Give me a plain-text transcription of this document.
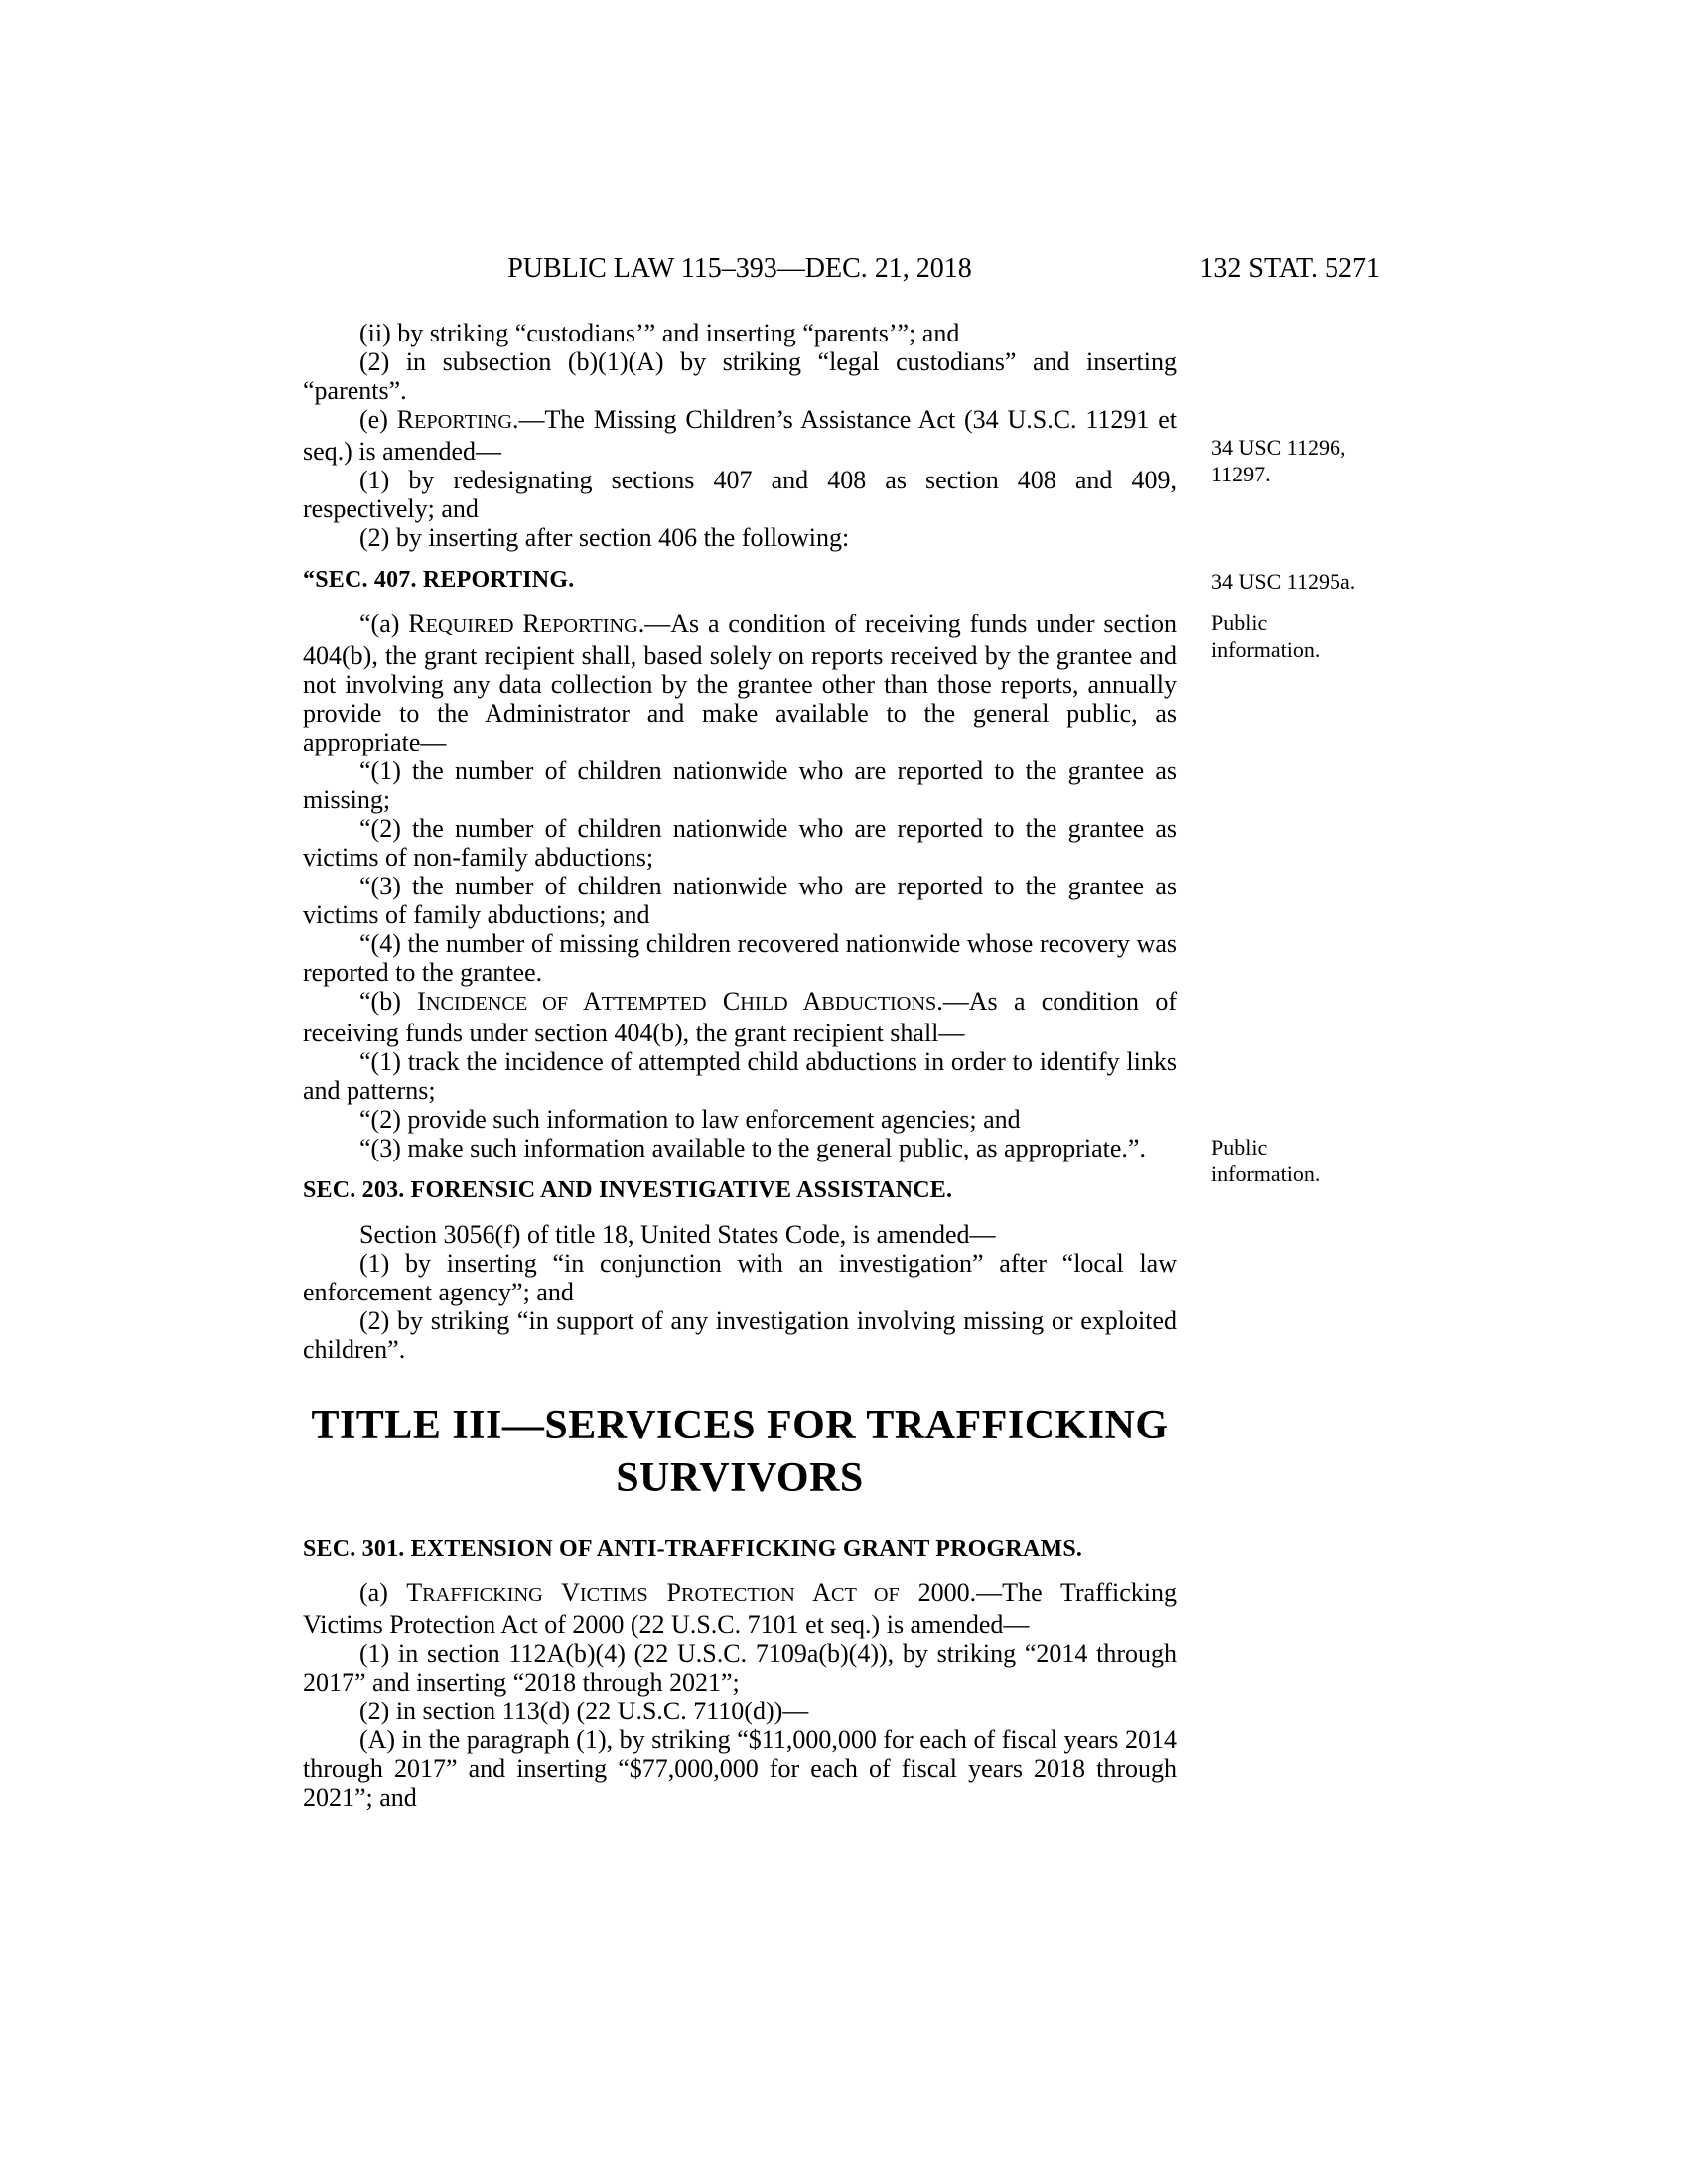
PUBLIC LAW 115–393—DEC. 21, 2018	132 STAT. 5271

(ii) by striking “custodians’” and inserting “parents’”; and

(2) in subsection (b)(1)(A) by striking “legal custodians” and inserting “parents”.

(e) REPORTING.—The Missing Children’s Assistance Act (34 U.S.C. 11291 et seq.) is amended—	34 USC 11296,
11297.

(1) by redesignating sections 407 and 408 as section 408 and 409, respectively; and

(2) by inserting after section 406 the following:

“SEC. 407. REPORTING.	34 USC 11295a.

“(a) REQUIRED REPORTING.—As a condition of receiving funds under section 404(b), the grant recipient shall, based solely on reports received by the grantee and not involving any data collection by the grantee other than those reports, annually provide to the Administrator and make available to the general public, as appropriate—
Public
information.

“(1) the number of children nationwide who are reported to the grantee as missing;

“(2) the number of children nationwide who are reported to the grantee as victims of non-family abductions;

“(3) the number of children nationwide who are reported to the grantee as victims of family abductions; and

“(4) the number of missing children recovered nationwide whose recovery was reported to the grantee.

“(b) INCIDENCE OF ATTEMPTED CHILD ABDUCTIONS.—As a condition of receiving funds under section 404(b), the grant recipient shall—

“(1) track the incidence of attempted child abductions in order to identify links and patterns;

“(2) provide such information to law enforcement agencies; and

“(3) make such information available to the general public, as appropriate.”.	Public
information.

SEC. 203. FORENSIC AND INVESTIGATIVE ASSISTANCE.

Section 3056(f) of title 18, United States Code, is amended—

(1) by inserting “in conjunction with an investigation” after “local law enforcement agency”; and

(2) by striking “in support of any investigation involving missing or exploited children”.

TITLE III—SERVICES FOR TRAFFICKING
SURVIVORS
SEC. 301. EXTENSION OF ANTI-TRAFFICKING GRANT PROGRAMS.

(a) TRAFFICKING VICTIMS PROTECTION ACT OF 2000.—The Trafficking Victims Protection Act of 2000 (22 U.S.C. 7101 et seq.) is amended—

(1) in section 112A(b)(4) (22 U.S.C. 7109a(b)(4)), by striking “2014 through 2017” and inserting “2018 through 2021”;

(2) in section 113(d) (22 U.S.C. 7110(d))—

(A) in the paragraph (1), by striking “$11,000,000 for each of fiscal years 2014 through 2017” and inserting “$77,000,000 for each of fiscal years 2018 through 2021”; and
